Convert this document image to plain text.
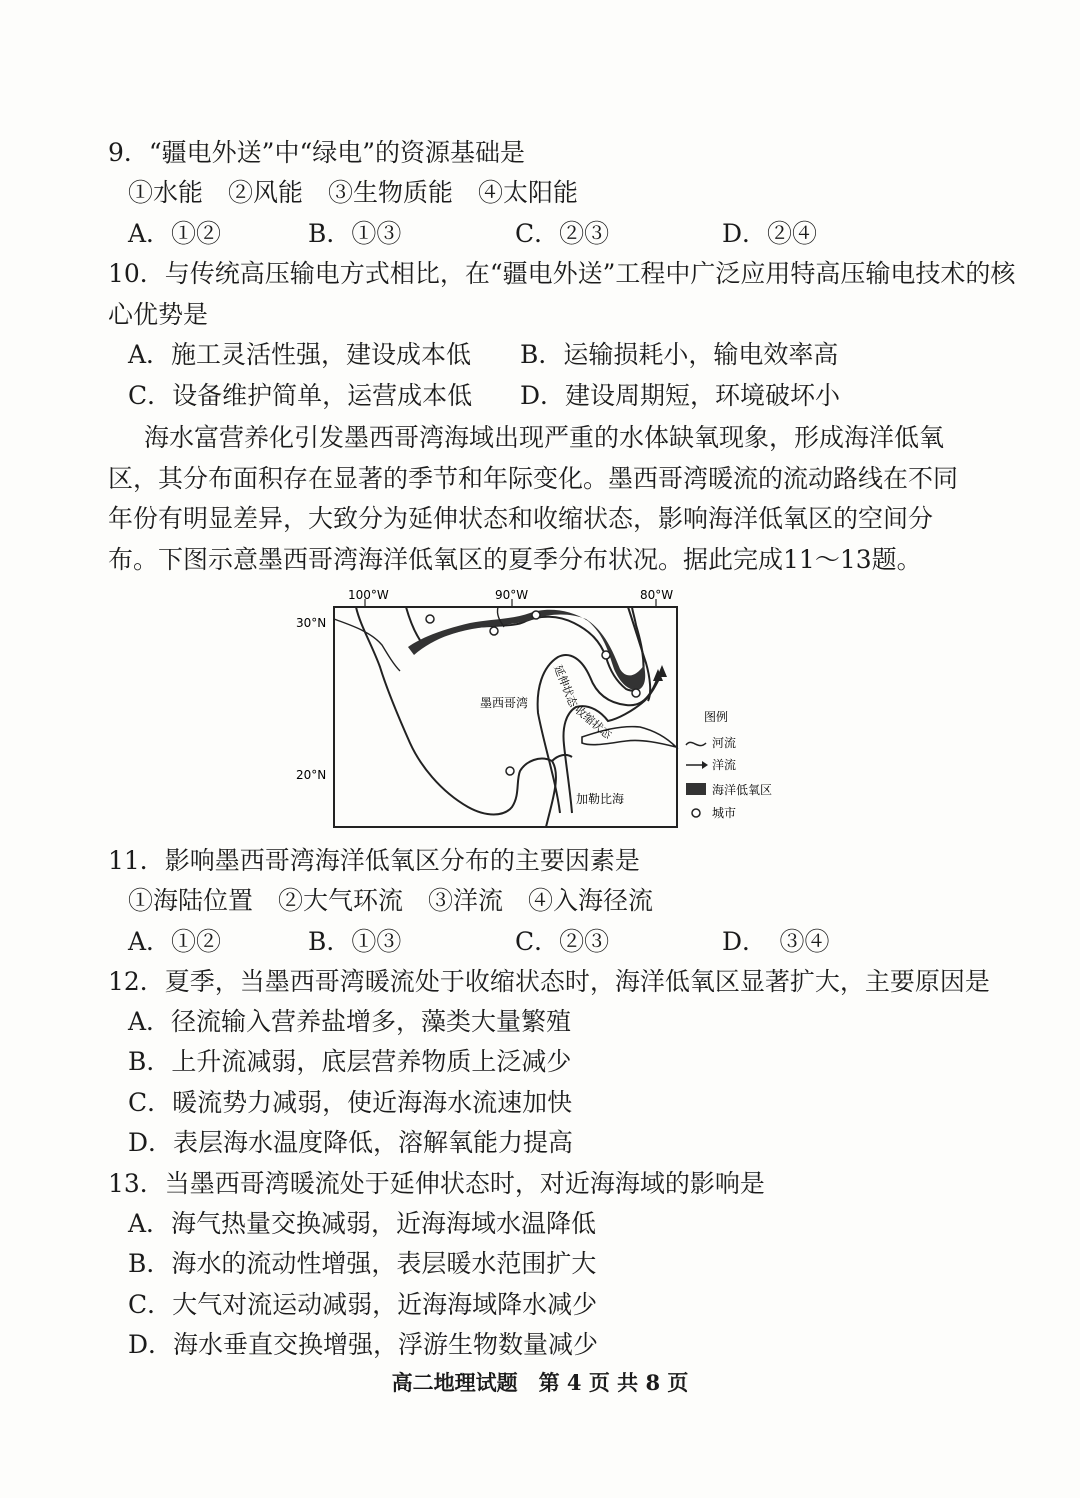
9．“疆电外送”中“绿电”的资源基础是
①水能　②风能　③生物质能　④太阳能
A．①②	B．①③	C．②③	D．②④
10．与传统高压输电方式相比，在“疆电外送”工程中广泛应用特高压输电技术的核
心优势是
A．施工灵活性强，建设成本低 B．运输损耗小，输电效率高
C．设备维护简单，运营成本低 D．建设周期短，环境破坏小
海水富营养化引发墨西哥湾海域出现严重的水体缺氧现象，形成海洋低氧区，其分布面积存在显著的季节和年际变化。墨西哥湾暖流的流动路线在不同年份有明显差异，大致分为延伸状态和收缩状态，影响海洋低氧区的空间分布。下图示意墨西哥湾海洋低氧区的夏季分布状况。据此完成11～13题。
100°W	90°W	80°W
30°N
20°N
墨西哥湾
加勒比海
延伸状态
收缩状态	图例
河流
洋流
海洋低氧区
城市
11．影响墨西哥湾海洋低氧区分布的主要因素是
①海陆位置　②大气环流　③洋流　④入海径流
A．①②	B．①③	C．②③	D．　③④
12．夏季，当墨西哥湾暖流处于收缩状态时，海洋低氧区显著扩大，主要原因是
A．径流输入营养盐增多，藻类大量繁殖
B．上升流减弱，底层营养物质上泛减少
C．暖流势力减弱，使近海海水流速加快
D．表层海水温度降低，溶解氧能力提高
13．当墨西哥湾暖流处于延伸状态时，对近海海域的影响是
A．海气热量交换减弱，近海海域水温降低
B．海水的流动性增强，表层暖水范围扩大
C．大气对流运动减弱，近海海域降水减少
D．海水垂直交换增强，浮游生物数量减少
高二地理试题　第 4 页 共 8 页
